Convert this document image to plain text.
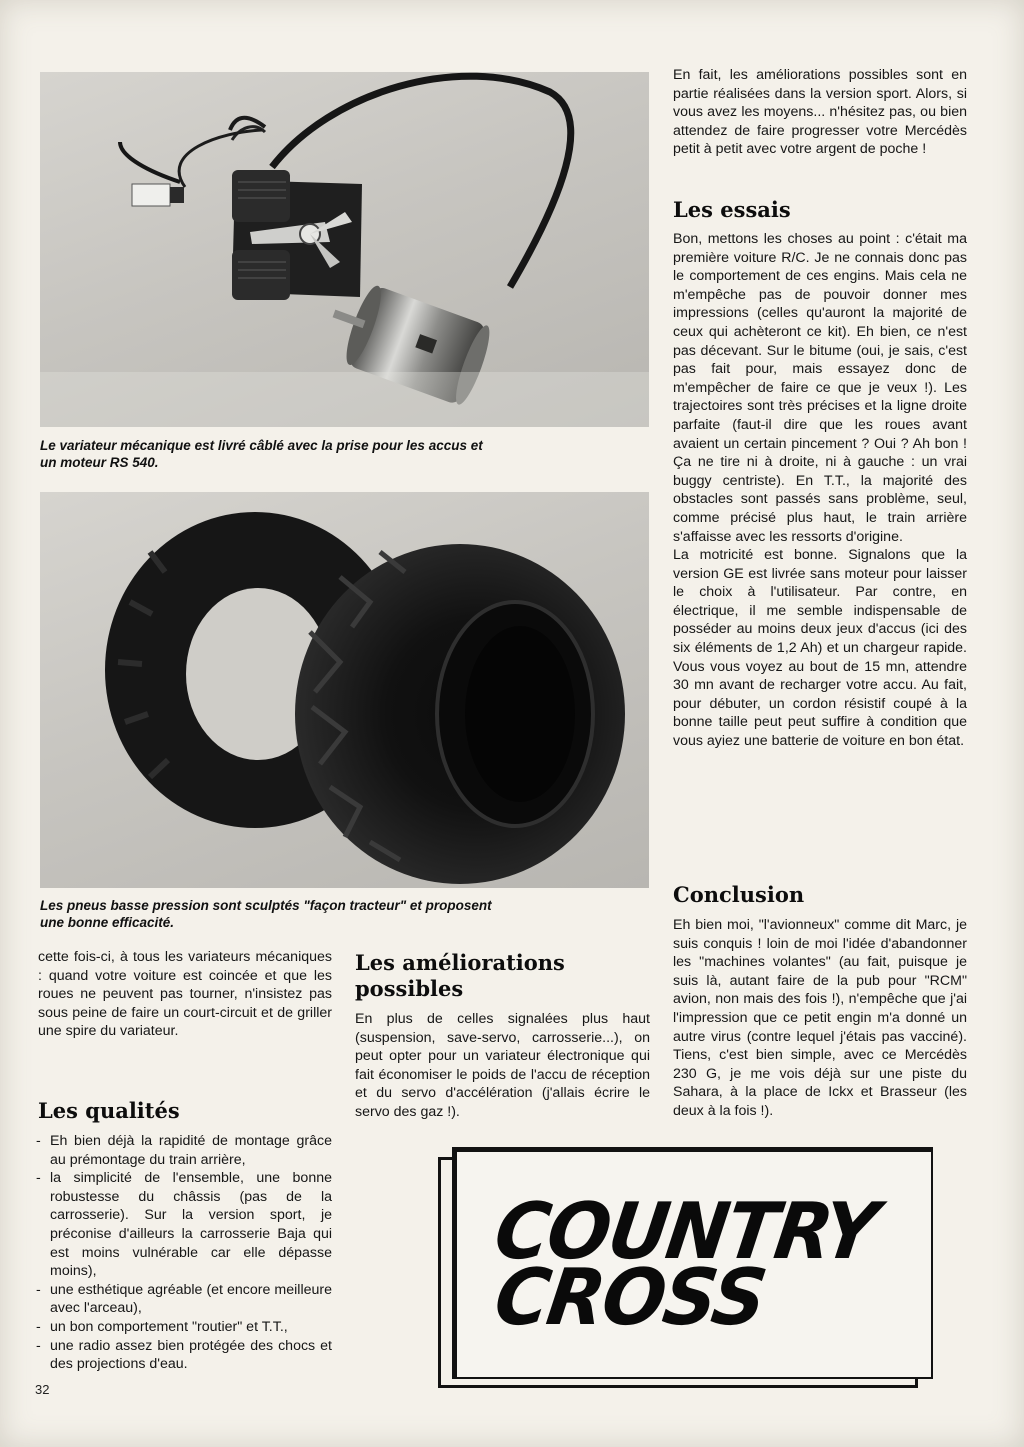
Le variateur mécanique est livré câblé avec la prise pour les accus et un moteur RS 540.
Les pneus basse pression sont sculptés "façon tracteur" et proposent une bonne efficacité.

cette fois-ci, à tous les variateurs mécaniques : quand votre voiture est coincée et que les roues ne peuvent pas tourner, n'insistez pas sous peine de faire un court-circuit et de griller une spire du variateur.

Les qualités
- Eh bien déjà la rapidité de montage grâce au prémontage du train arrière,
- la simplicité de l'ensemble, une bonne robustesse du châssis (pas de la carrosserie). Sur la version sport, je préconise d'ailleurs la carrosserie Baja qui est moins vulnérable car elle dépasse moins),
- une esthétique agréable (et encore meilleure avec l'arceau),
- un bon comportement "routier" et T.T.,
- une radio assez bien protégée des chocs et des projections d'eau.
Les améliorations possibles

En plus de celles signalées plus haut (suspension, save-servo, carrosserie...), on peut opter pour un variateur électronique qui fait économiser le poids de l'accu de réception et du servo d'accélération (j'allais écrire le servo des gaz !).

En fait, les améliorations possibles sont en partie réalisées dans la version sport. Alors, si vous avez les moyens... n'hésitez pas, ou bien attendez de faire progresser votre Mercédès petit à petit avec votre argent de poche !

Les essais

Bon, mettons les choses au point : c'était ma première voiture R/C. Je ne connais donc pas le comportement de ces engins. Mais cela ne m'empêche pas de pouvoir donner mes impressions (celles qu'auront la majorité de ceux qui achèteront ce kit). Eh bien, ce n'est pas décevant. Sur le bitume (oui, je sais, c'est pas fait pour, mais essayez donc de m'empêcher de faire ce que je veux !). Les trajectoires sont très précises et la ligne droite parfaite (faut-il dire que les roues avant avaient un certain pincement ? Oui ? Ah bon ! Ça ne tire ni à droite, ni à gauche : un vrai buggy centriste). En T.T., la majorité des obstacles sont passés sans problème, seul, comme précisé plus haut, le train arrière s'affaisse avec les ressorts d'origine.

La motricité est bonne. Signalons que la version GE est livrée sans moteur pour laisser le choix à l'utilisateur. Par contre, en électrique, il me semble indispensable de posséder au moins deux jeux d'accus (ici des six éléments de 1,2 Ah) et un chargeur rapide. Vous vous voyez au bout de 15 mn, attendre 30 mn avant de recharger votre accu. Au fait, pour débuter, un cordon résistif coupé à la bonne taille peut peut suffire à condition que vous ayiez une batterie de voiture en bon état.

Conclusion

Eh bien moi, "l'avionneux" comme dit Marc, je suis conquis ! loin de moi l'idée d'abandonner les "machines volantes" (au fait, puisque je suis là, autant faire de la pub pour "RCM" avion, non mais des fois !), n'empêche que j'ai l'impression que ce petit engin m'a donné un autre virus (contre lequel j'étais pas vacciné). Tiens, c'est bien simple, avec ce Mercédès 230 G, je me vois déjà sur une piste du Sahara, à la place de Ickx et Brasseur (les deux à la fois !).

COUNTRY
CROSS
32
